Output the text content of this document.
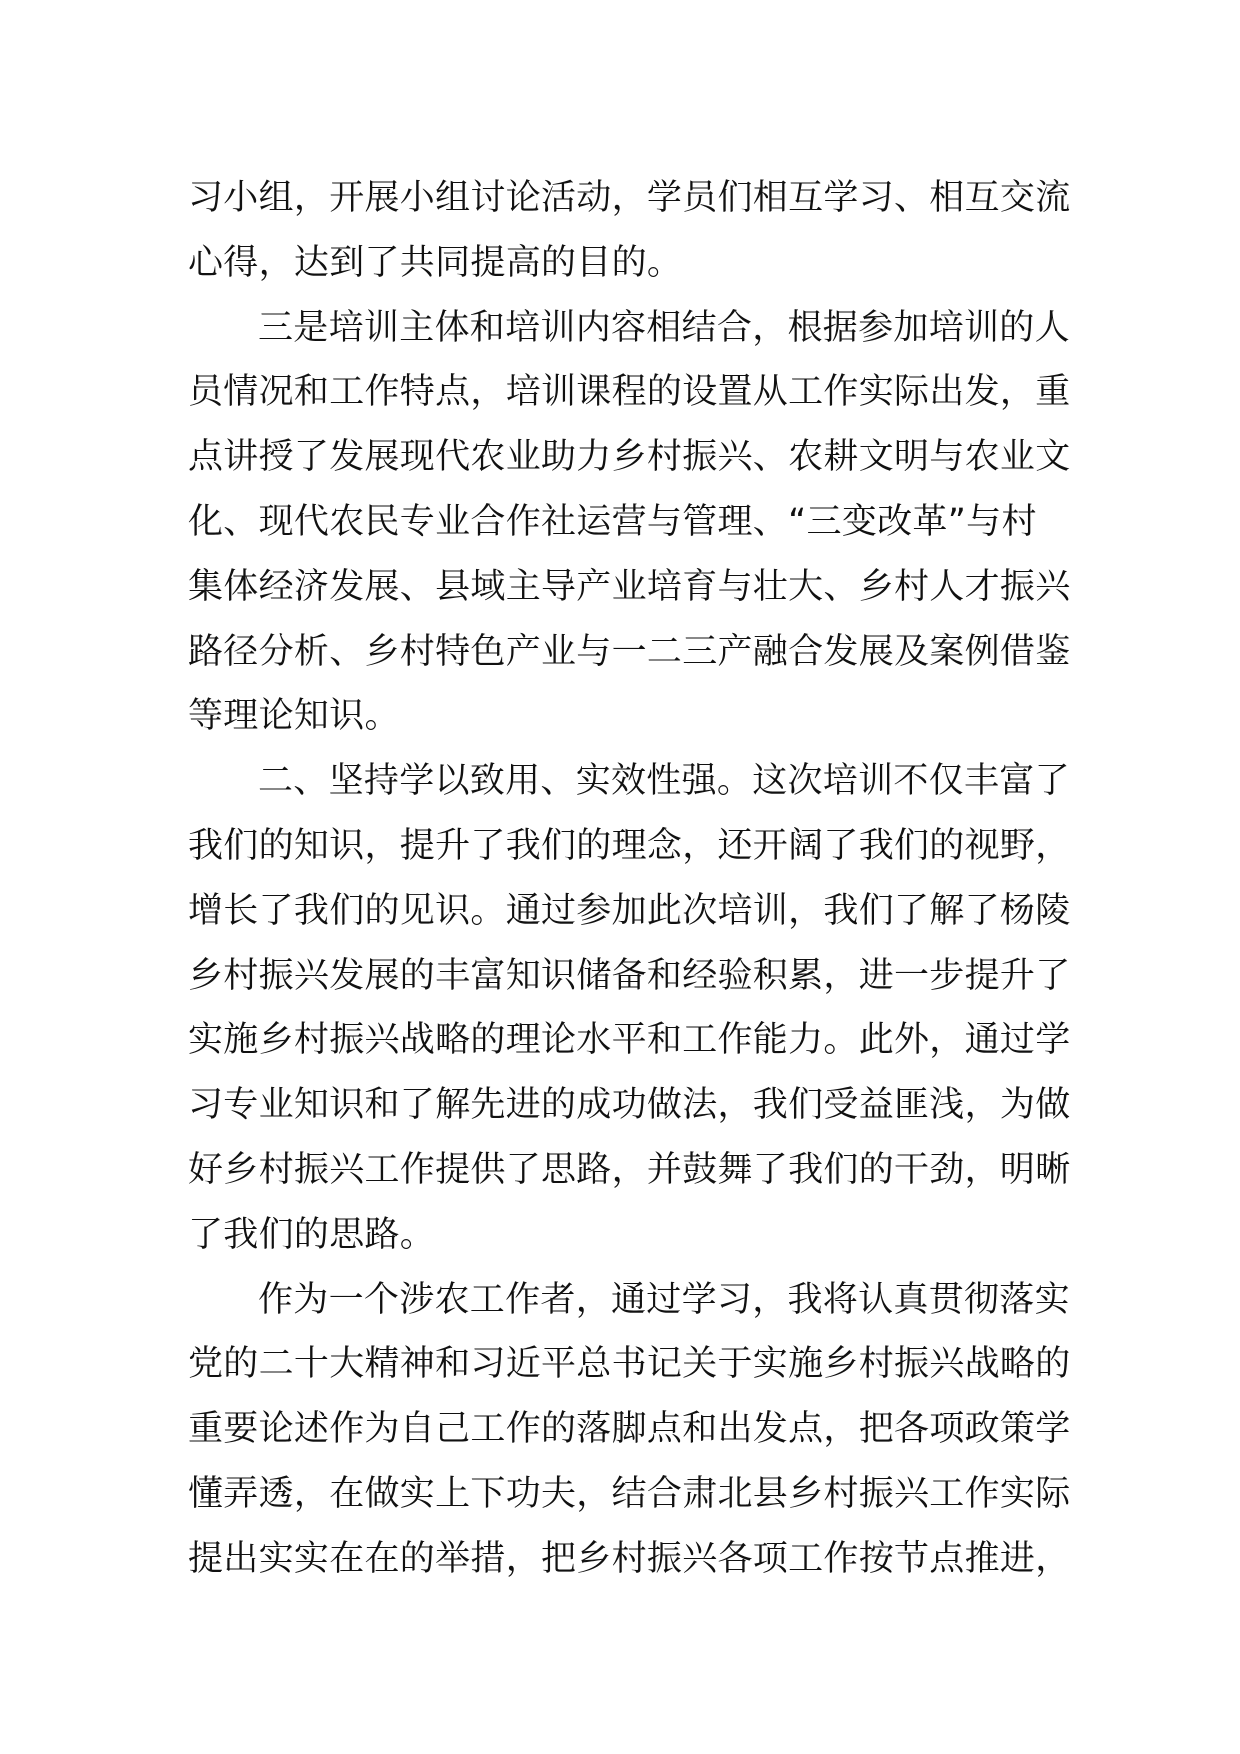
习小组，开展小组讨论活动，学员们相互学习、相互交流
心得，达到了共同提高的目的。
三是培训主体和培训内容相结合，根据参加培训的人
员情况和工作特点，培训课程的设置从工作实际出发，重
点讲授了发展现代农业助力乡村振兴、农耕文明与农业文
化、现代农民专业合作社运营与管理、“三变改革”与村
集体经济发展、县域主导产业培育与壮大、乡村人才振兴
路径分析、乡村特色产业与一二三产融合发展及案例借鉴
等理论知识。
二、坚持学以致用、实效性强。这次培训不仅丰富了
我们的知识，提升了我们的理念，还开阔了我们的视野，
增长了我们的见识。通过参加此次培训，我们了解了杨陵
乡村振兴发展的丰富知识储备和经验积累，进一步提升了
实施乡村振兴战略的理论水平和工作能力。此外，通过学
习专业知识和了解先进的成功做法，我们受益匪浅，为做
好乡村振兴工作提供了思路，并鼓舞了我们的干劲，明晰
了我们的思路。
作为一个涉农工作者，通过学习，我将认真贯彻落实
党的二十大精神和习近平总书记关于实施乡村振兴战略的
重要论述作为自己工作的落脚点和出发点，把各项政策学
懂弄透，在做实上下功夫，结合肃北县乡村振兴工作实际
提出实实在在的举措，把乡村振兴各项工作按节点推进，
